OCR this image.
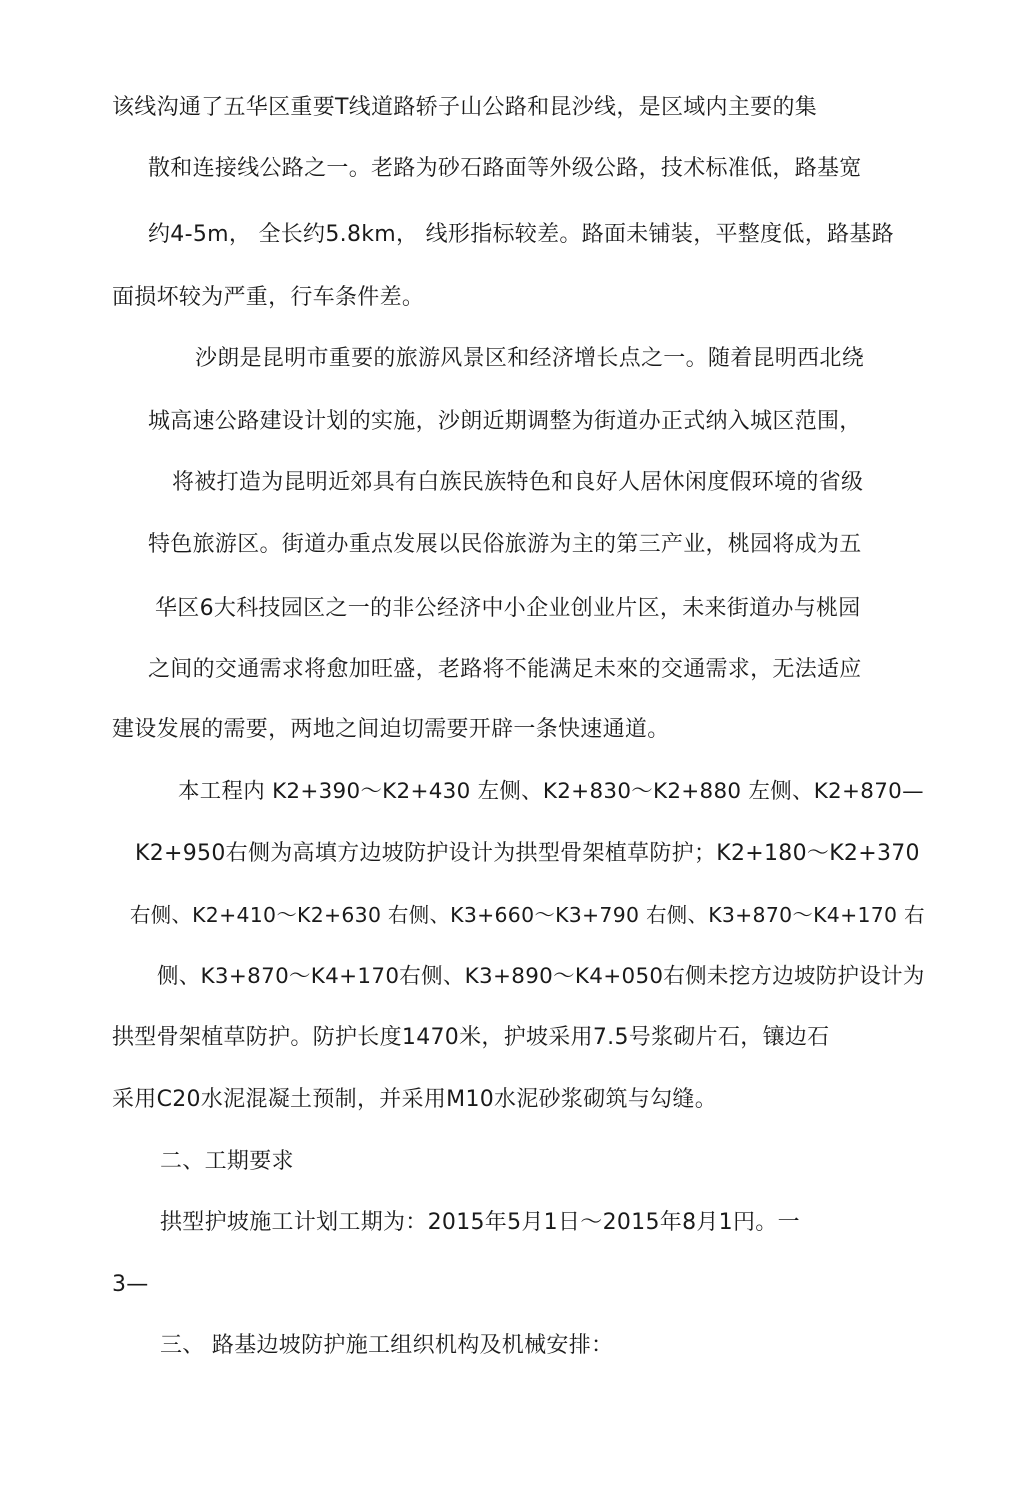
该线沟通了五华区重要T线道路轿子山公路和昆沙线，是区域内主要的集
散和连接线公路之一。老路为砂石路面等外级公路，技术标准低，路基宽
约4-5m， 全长约5.8km， 线形指标较差。路面未铺装，平整度低，路基路
面损坏较为严重，行车条件差。
沙朗是昆明市重要的旅游风景区和经济增长点之一。随着昆明西北绕
城高速公路建设计划的实施，沙朗近期调整为街道办正式纳入城区范围，
将被打造为昆明近郊具有白族民族特色和良好人居休闲度假环境的省级
特色旅游区。街道办重点发展以民俗旅游为主的第三产业，桃园将成为五
华区6大科技园区之一的非公经济中小企业创业片区，未来街道办与桃园
之间的交通需求将愈加旺盛，老路将不能满足未來的交通需求，无法适应
建设发展的需要，两地之间迫切需要开辟一条快速通道。
本工程内 K2+390～K2+430 左侧、K2+830～K2+880 左侧、K2+870—
K2+950右侧为高填方边坡防护设计为拱型骨架植草防护；K2+180～K2+370
右侧、K2+410～K2+630 右侧、K3+660～K3+790 右侧、K3+870～K4+170 右
侧、K3+870～K4+170右侧、K3+890～K4+050右侧未挖方边坡防护设计为
拱型骨架植草防护。防护长度1470米，护坡采用7.5号浆砌片石，镶边石
采用C20水泥混凝土预制，并采用M10水泥砂浆砌筑与勾缝。
二、工期要求
拱型护坡施工计划工期为：2015年5月1日～2015年8月1円。一
3—
三、 路基边坡防护施工组织机构及机械安排：
